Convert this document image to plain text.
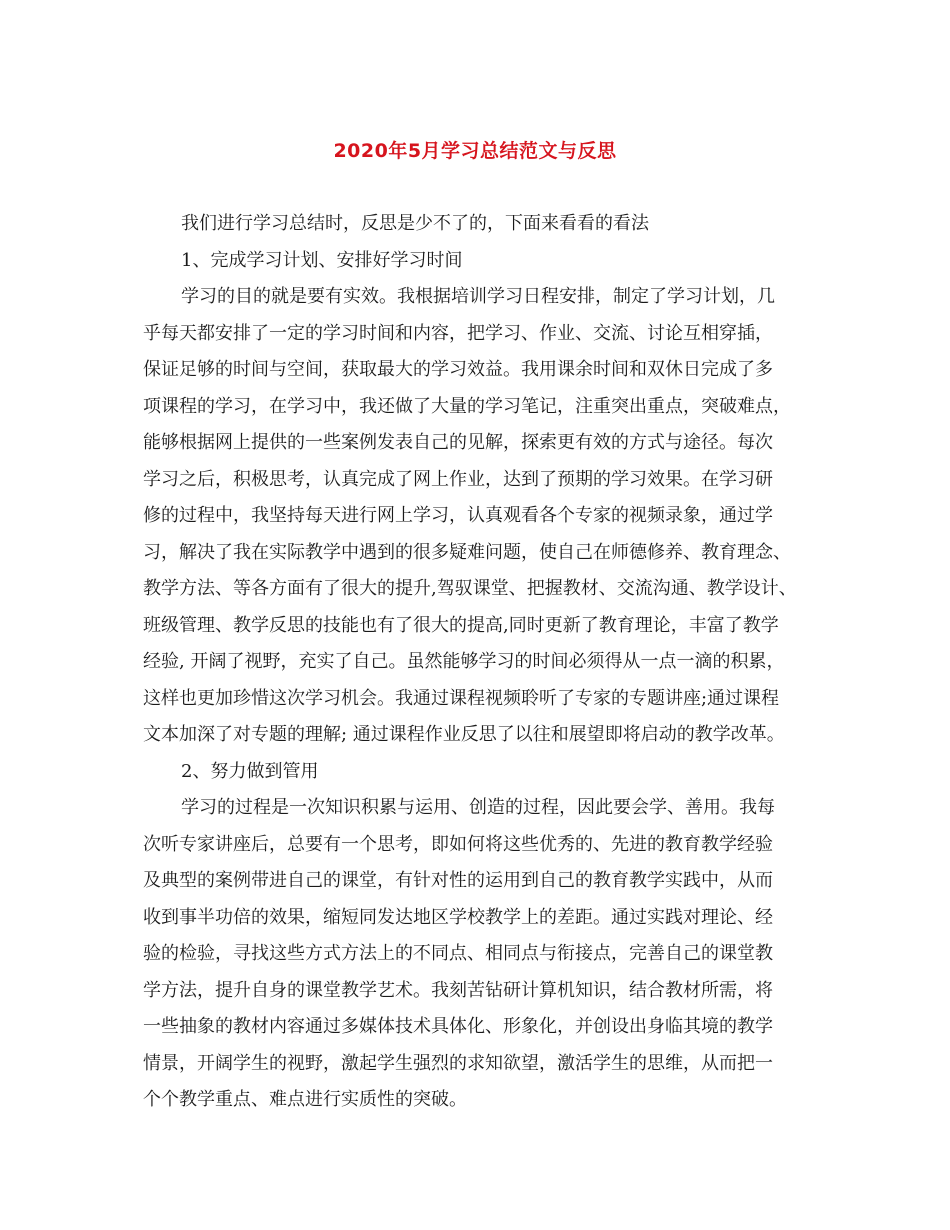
2020年5月学习总结范文与反思
我们进行学习总结时，反思是少不了的，下面来看看的看法
1、完成学习计划、安排好学习时间
学习的目的就是要有实效。我根据培训学习日程安排，制定了学习计划，几
乎每天都安排了一定的学习时间和内容，把学习、作业、交流、讨论互相穿插，
保证足够的时间与空间，获取最大的学习效益。我用课余时间和双休日完成了多
项课程的学习，在学习中，我还做了大量的学习笔记，注重突出重点，突破难点，
能够根据网上提供的一些案例发表自己的见解，探索更有效的方式与途径。每次
学习之后，积极思考，认真完成了网上作业，达到了预期的学习效果。在学习研
修的过程中，我坚持每天进行网上学习，认真观看各个专家的视频录象，通过学
习，解决了我在实际教学中遇到的很多疑难问题，使自己在师德修养、教育理念、
教学方法、等各方面有了很大的提升,驾驭课堂、把握教材、交流沟通、教学设计、
班级管理、教学反思的技能也有了很大的提高,同时更新了教育理论，丰富了教学
经验, 开阔了视野，充实了自己。虽然能够学习的时间必须得从一点一滴的积累，
这样也更加珍惜这次学习机会。我通过课程视频聆听了专家的专题讲座;通过课程
文本加深了对专题的理解; 通过课程作业反思了以往和展望即将启动的教学改革。
2、努力做到管用
学习的过程是一次知识积累与运用、创造的过程，因此要会学、善用。我每
次听专家讲座后，总要有一个思考，即如何将这些优秀的、先进的教育教学经验
及典型的案例带进自己的课堂，有针对性的运用到自己的教育教学实践中，从而
收到事半功倍的效果，缩短同发达地区学校教学上的差距。通过实践对理论、经
验的检验，寻找这些方式方法上的不同点、相同点与衔接点，完善自己的课堂教
学方法，提升自身的课堂教学艺术。我刻苦钻研计算机知识，结合教材所需，将
一些抽象的教材内容通过多媒体技术具体化、形象化，并创设出身临其境的教学
情景，开阔学生的视野，激起学生强烈的求知欲望，激活学生的思维，从而把一
个个教学重点、难点进行实质性的突破。
